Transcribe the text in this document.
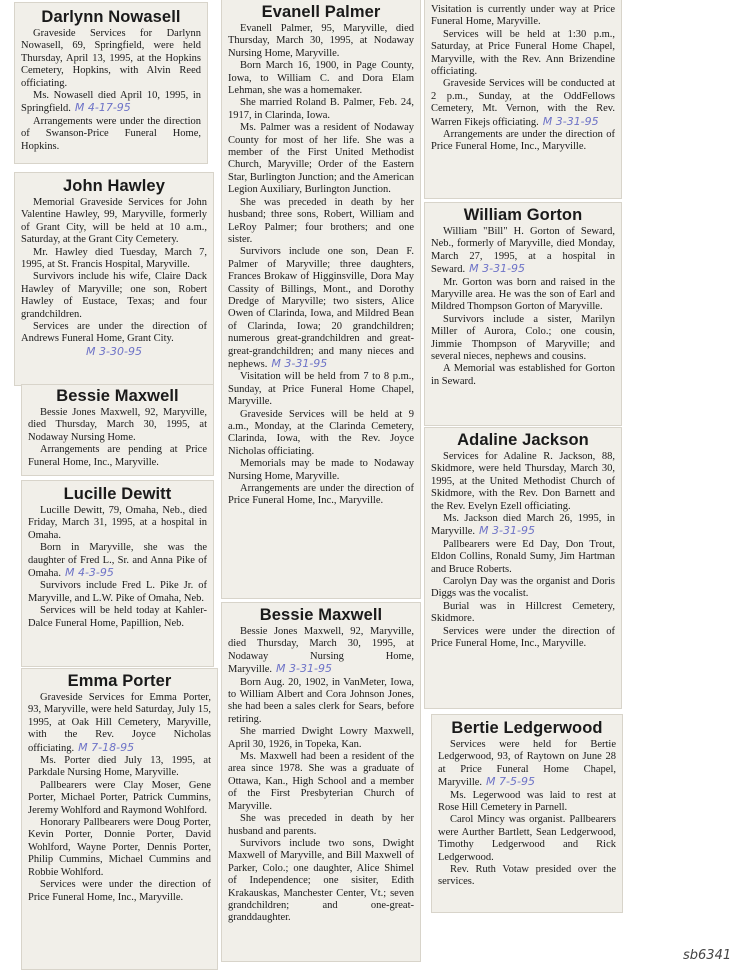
Darlynn Nowasell

Graveside Services for Darlynn Nowasell, 69, Springfield, were held Thursday, April 13, 1995, at the Hopkins Cemetery, Hopkins, with Alvin Reed officiating.

Ms. Nowasell died April 10, 1995, in Springfield. M 4-17-95

Arrangements were under the direction of Swanson-Price Funeral Home, Hopkins.

John Hawley

Memorial Graveside Services for John Valentine Hawley, 99, Maryville, formerly of Grant City, will be held at 10 a.m., Saturday, at the Grant City Cemetery.

Mr. Hawley died Tuesday, March 7, 1995, at St. Francis Hospital, Maryville.

Survivors include his wife, Claire Dack Hawley of Maryville; one son, Robert Hawley of Eustace, Texas; and four grandchildren.

Services are under the direction of Andrews Funeral Home, Grant City.

M 3-30-95
Bessie Maxwell

Bessie Jones Maxwell, 92, Maryville, died Thursday, March 30, 1995, at Nodaway Nursing Home.

Arrangements are pending at Price Funeral Home, Inc., Maryville.

Lucille Dewitt

Lucille Dewitt, 79, Omaha, Neb., died Friday, March 31, 1995, at a hospital in Omaha.

Born in Maryville, she was the daughter of Fred L., Sr. and Anna Pike of Omaha. M 4-3-95

Survivors include Fred L. Pike Jr. of Maryville, and L.W. Pike of Omaha, Neb.

Services will be held today at Kahler-Dalce Funeral Home, Papillion, Neb.

Emma Porter

Graveside Services for Emma Porter, 93, Maryville, were held Saturday, July 15, 1995, at Oak Hill Cemetery, Maryville, with the Rev. Joyce Nicholas officiating. M 7-18-95

Ms. Porter died July 13, 1995, at Parkdale Nursing Home, Maryville.

Pallbearers were Clay Moser, Gene Porter, Michael Porter, Patrick Cummins, Jeremy Wohlford and Raymond Wohlford.

Honorary Pallbearers were Doug Porter, Kevin Porter, Donnie Porter, David Wohlford, Wayne Porter, Dennis Porter, Philip Cummins, Michael Cummins and Robbie Wohlford.

Services were under the direction of Price Funeral Home, Inc., Maryville.

Evanell Palmer

Evanell Palmer, 95, Maryville, died Thursday, March 30, 1995, at Nodaway Nursing Home, Maryville.

Born March 16, 1900, in Page County, Iowa, to William C. and Dora Elam Lehman, she was a homemaker.

She married Roland B. Palmer, Feb. 24, 1917, in Clarinda, Iowa.

Ms. Palmer was a resident of Nodaway County for most of her life. She was a member of the First United Methodist Church, Maryville; Order of the Eastern Star, Burlington Junction; and the American Legion Auxiliary, Burlington Junction.

She was preceded in death by her husband; three sons, Robert, William and LeRoy Palmer; four brothers; and one sister.

Survivors include one son, Dean F. Palmer of Maryville; three daughters, Frances Brokaw of Higginsville, Dora May Cassity of Billings, Mont., and Dorothy Dredge of Maryville; two sisters, Alice Owen of Clarinda, Iowa, and Mildred Bean of Clarinda, Iowa; 20 grandchildren; numerous great-grandchildren and great-great-grandchildren; and many nieces and nephews. M 3-31-95

Visitation will be held from 7 to 8 p.m., Sunday, at Price Funeral Home Chapel, Maryville.

Graveside Services will be held at 9 a.m., Monday, at the Clarinda Cemetery, Clarinda, Iowa, with the Rev. Joyce Nicholas officiating.

Memorials may be made to Nodaway Nursing Home, Maryville.

Arrangements are under the direction of Price Funeral Home, Inc., Maryville.

Bessie Maxwell

Bessie Jones Maxwell, 92, Maryville, died Thursday, March 30, 1995, at Nodaway Nursing Home, Maryville. M 3-31-95

Born Aug. 20, 1902, in VanMeter, Iowa, to William Albert and Cora Johnson Jones, she had been a sales clerk for Sears, before retiring.

She married Dwight Lowry Maxwell, April 30, 1926, in Topeka, Kan.

Ms. Maxwell had been a resident of the area since 1978. She was a graduate of Ottawa, Kan., High School and a member of the First Presbyterian Church of Maryville.

She was preceded in death by her husband and parents.

Survivors include two sons, Dwight Maxwell of Maryville, and Bill Maxwell of Parker, Colo.; one daughter, Alice Shimel of Independence; one sisiter, Edith Krakauskas, Manchester Center, Vt.; seven grandchildren; and one-great-granddaughter.

Visitation is currently under way at Price Funeral Home, Maryville.

Services will be held at 1:30 p.m., Saturday, at Price Funeral Home Chapel, Maryville, with the Rev. Ann Brizendine officiating.

Graveside Services will be conducted at 2 p.m., Sunday, at the OddFellows Cemetery, Mt. Vernon, with the Rev. Warren Fikejs officiating. M 3-31-95

Arrangements are under the direction of Price Funeral Home, Inc., Maryville.

William Gorton

William "Bill" H. Gorton of Seward, Neb., formerly of Maryville, died Monday, March 27, 1995, at a hospital in Seward. M 3-31-95

Mr. Gorton was born and raised in the Maryville area. He was the son of Earl and Mildred Thompson Gorton of Maryville.

Survivors include a sister, Marilyn Miller of Aurora, Colo.; one cousin, Jimmie Thompson of Maryville; and several nieces, nephews and cousins.

A Memorial was established for Gorton in Seward.

Adaline Jackson

Services for Adaline R. Jackson, 88, Skidmore, were held Thursday, March 30, 1995, at the United Methodist Church of Skidmore, with the Rev. Don Barnett and the Rev. Evelyn Ezell officiating.

Ms. Jackson died March 26, 1995, in Maryville. M 3-31-95

Pallbearers were Ed Day, Don Trout, Eldon Collins, Ronald Sumy, Jim Hartman and Bruce Roberts.

Carolyn Day was the organist and Doris Diggs was the vocalist.

Burial was in Hillcrest Cemetery, Skidmore.

Services were under the direction of Price Funeral Home, Inc., Maryville.

Bertie Ledgerwood

Services were held for Bertie Ledgerwood, 93, of Raytown on June 28 at Price Funeral Home Chapel, Maryville. M 7-5-95

Ms. Legerwood was laid to rest at Rose Hill Cemetery in Parnell.

Carol Mincy was organist. Pallbearers were Aurther Bartlett, Sean Ledgerwood, Timothy Ledgerwood and Rick Ledgerwood.

Rev. Ruth Votaw presided over the services.

sb6341
